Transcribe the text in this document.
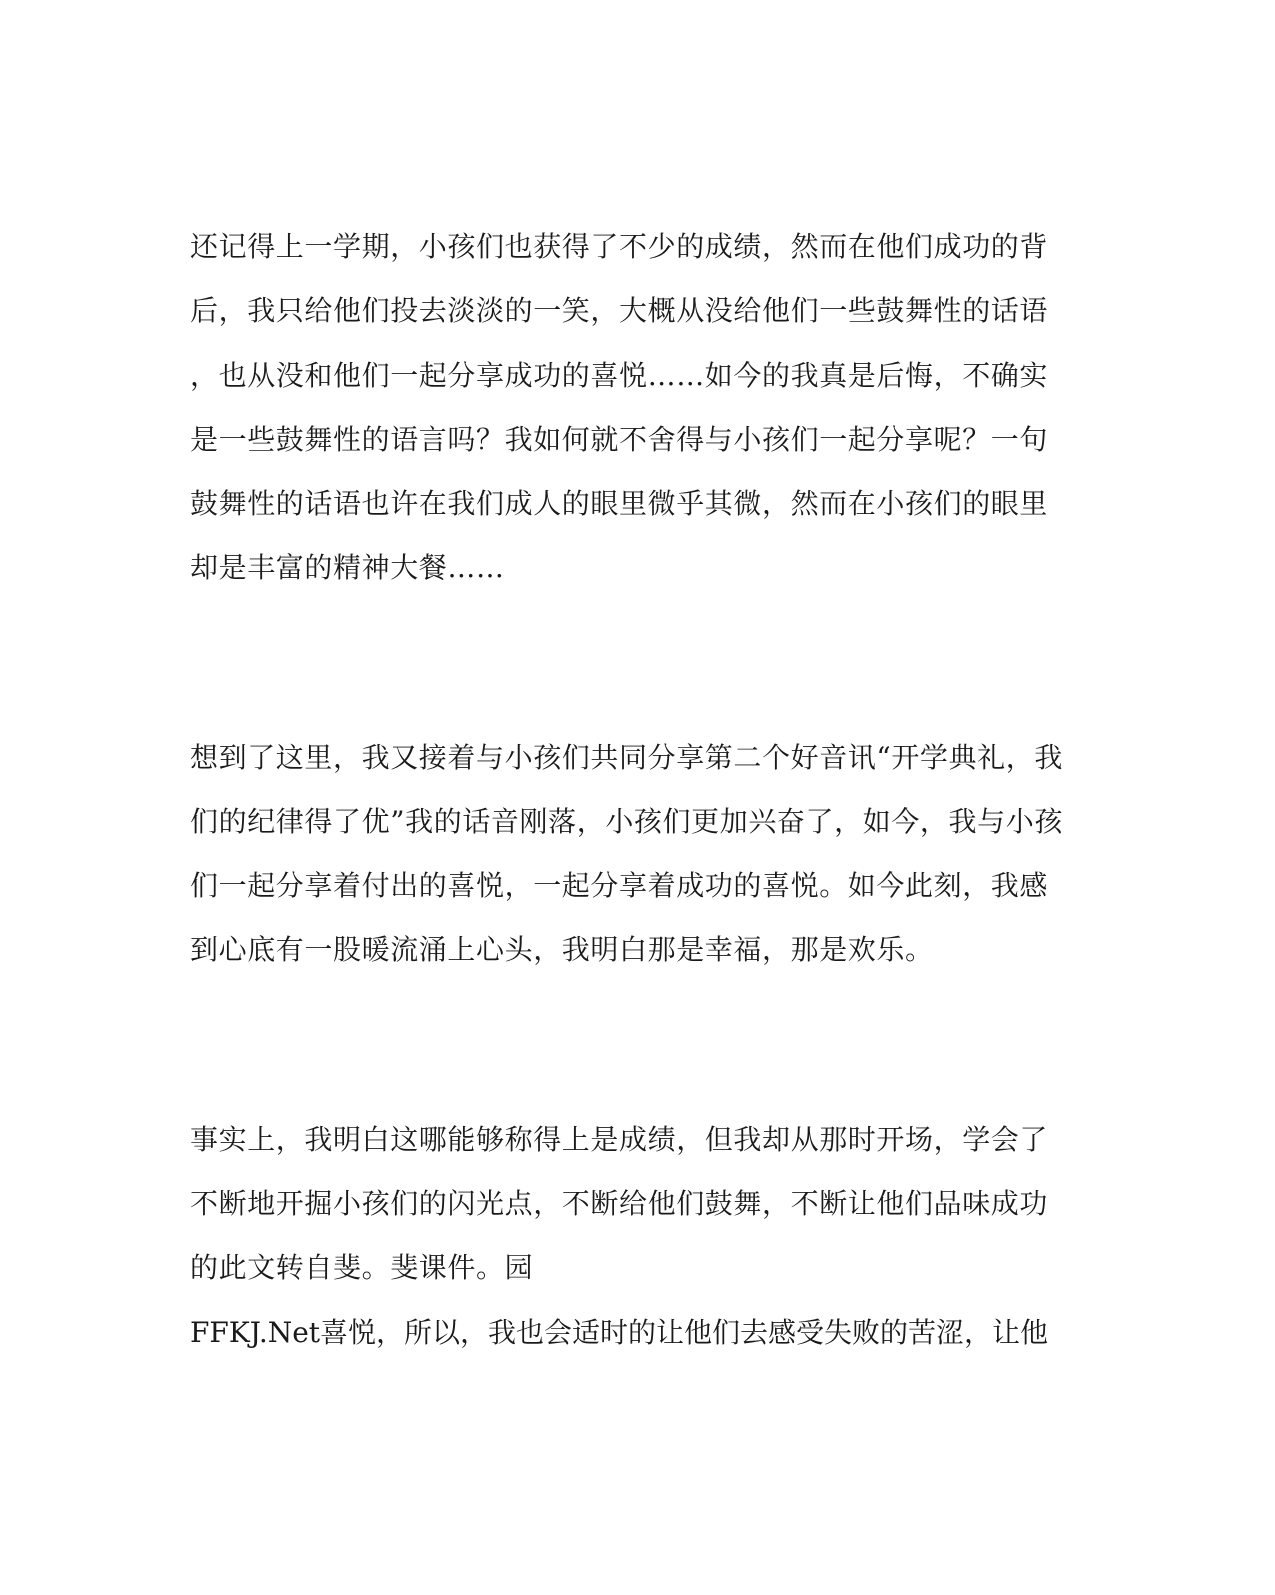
还记得上一学期，小孩们也获得了不少的成绩，然而在他们成功的背
后，我只给他们投去淡淡的一笑，大概从没给他们一些鼓舞性的话语
，也从没和他们一起分享成功的喜悦……如今的我真是后悔，不确实
是一些鼓舞性的语言吗？我如何就不舍得与小孩们一起分享呢？一句
鼓舞性的话语也许在我们成人的眼里微乎其微，然而在小孩们的眼里
却是丰富的精神大餐……
想到了这里，我又接着与小孩们共同分享第二个好音讯“开学典礼，我
们的纪律得了优”我的话音刚落，小孩们更加兴奋了，如今，我与小孩
们一起分享着付出的喜悦，一起分享着成功的喜悦。如今此刻，我感
到心底有一股暖流涌上心头，我明白那是幸福，那是欢乐。
事实上，我明白这哪能够称得上是成绩，但我却从那时开场，学会了
不断地开掘小孩们的闪光点，不断给他们鼓舞，不断让他们品味成功
的此文转自斐。斐课件。园
FFKJ.Net喜悦，所以，我也会适时的让他们去感受失败的苦涩，让他
